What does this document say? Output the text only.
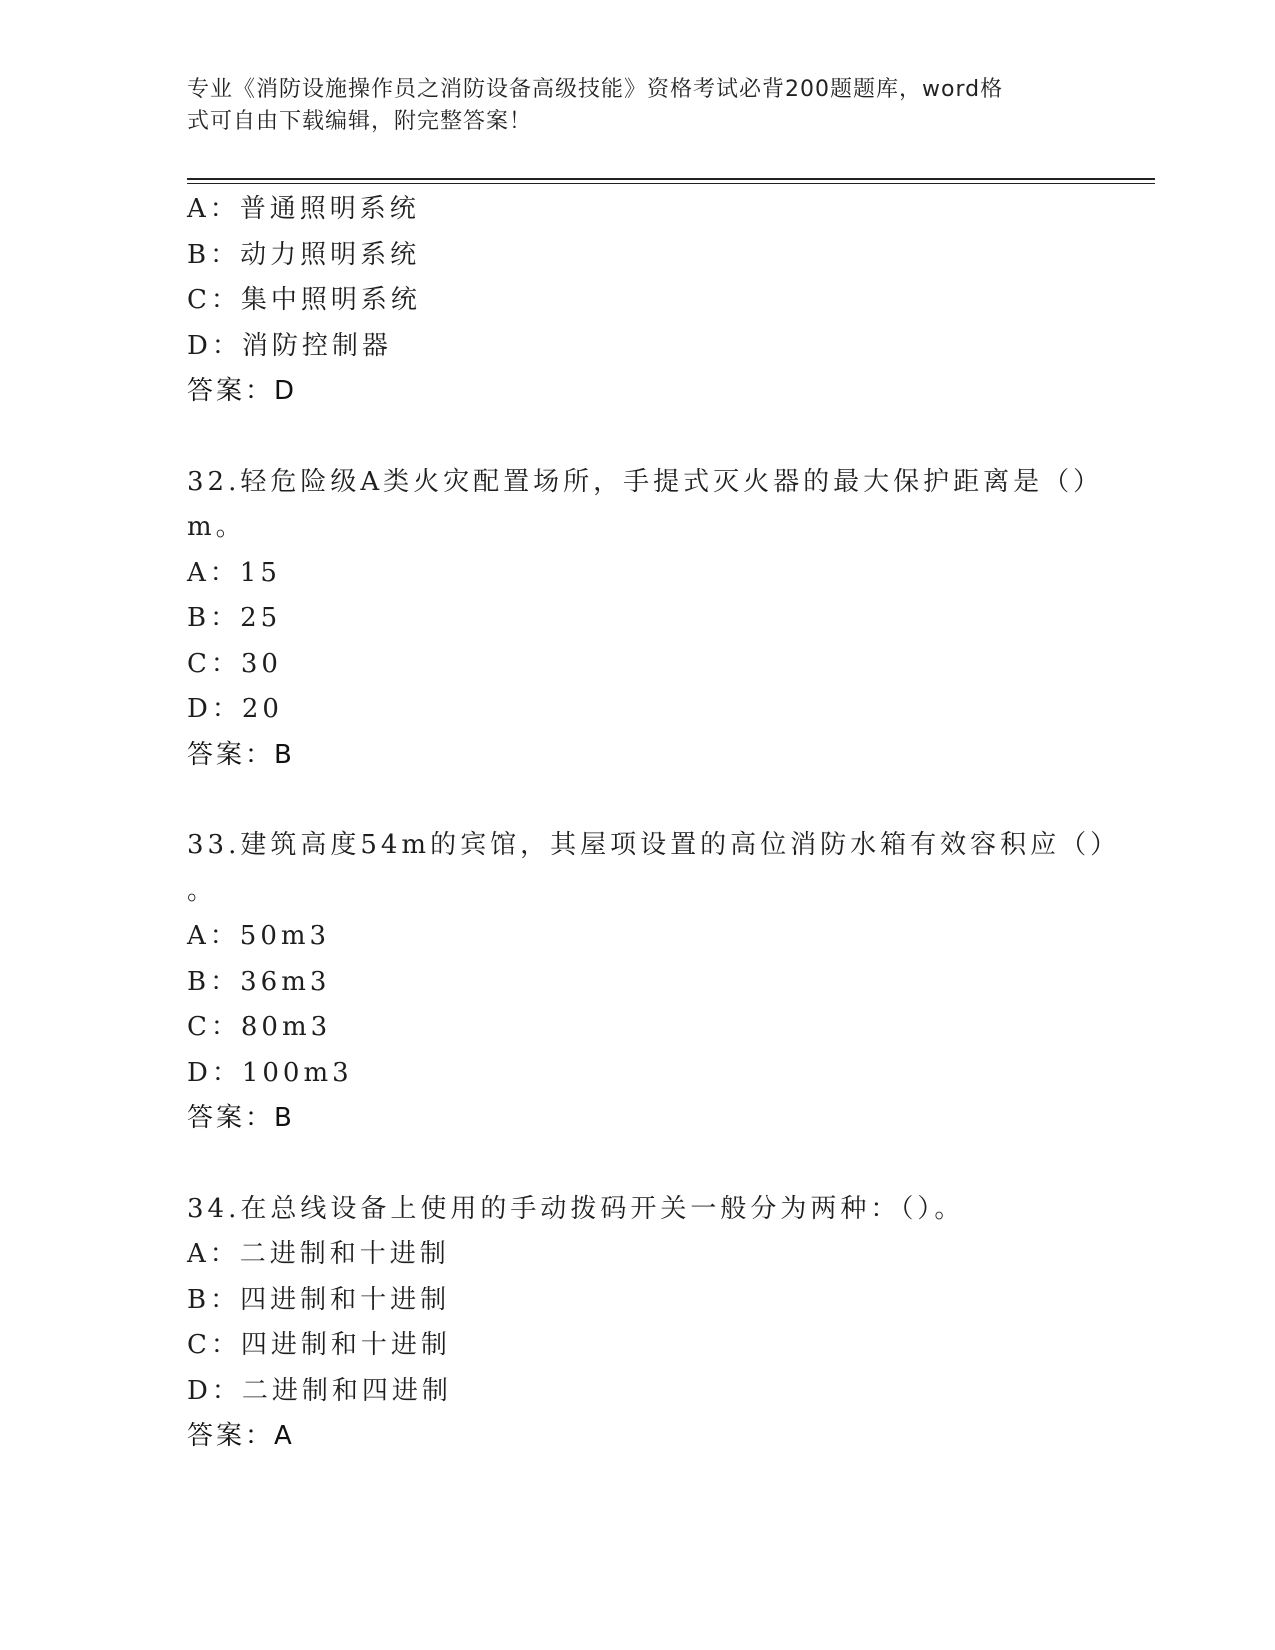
专业《消防设施操作员之消防设备高级技能》资格考试必背200题题库，word格
式可自由下载编辑，附完整答案！
A：普通照明系统
B：动力照明系统
C：集中照明系统
D：消防控制器
答案：D
32.轻危险级A类火灾配置场所，手提式灭火器的最大保护距离是（）
m。
A：15
B：25
C：30
D：20
答案：B
33.建筑高度54m的宾馆，其屋项设置的高位消防水箱有效容积应（）
。
A：50m3
B：36m3
C：80m3
D：100m3
答案：B
34.在总线设备上使用的手动拨码开关一般分为两种：（）。
A：二进制和十进制
B：四进制和十进制
C：四进制和十进制
D：二进制和四进制
答案：A
